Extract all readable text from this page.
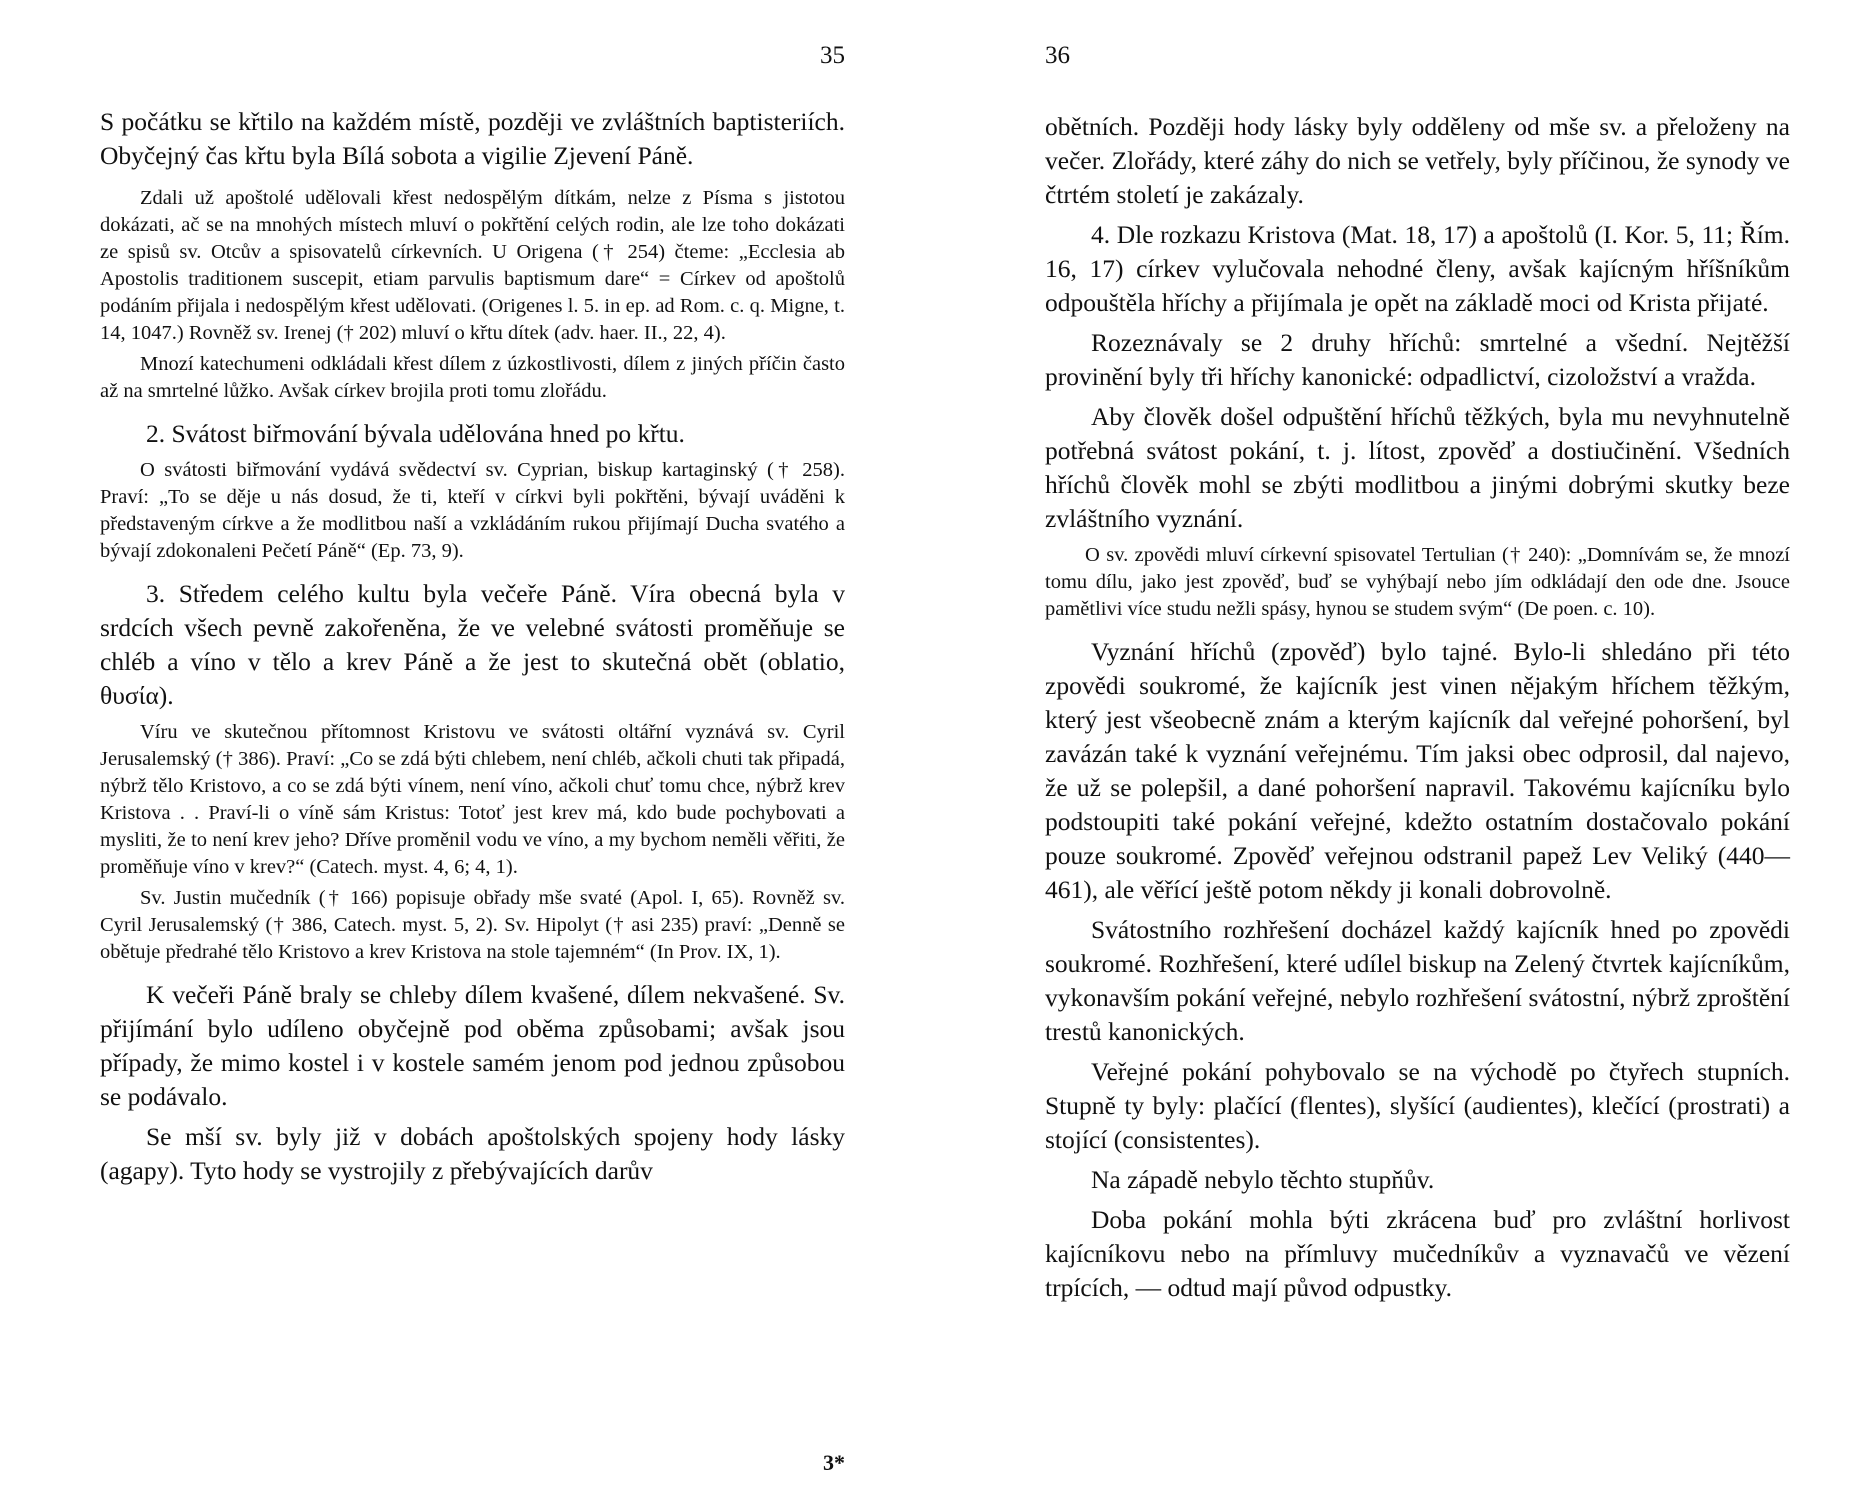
35

S počátku se křtilo na každém místě, později ve zvláštních baptisteriích. Obyčejný čas křtu byla Bílá sobota a vigilie Zjevení Páně.

Zdali už apoštolé udělovali křest nedospělým dítkám, nelze z Písma s jistotou dokázati, ač se na mnohých místech mluví o pokřtění celých rodin, ale lze toho dokázati ze spisů sv. Otcův a spisovatelů církevních. U Origena († 254) čteme: „Ecclesia ab Apostolis traditionem suscepit, etiam parvulis baptismum dare“ = Církev od apoštolů podáním přijala i nedospělým křest udělovati. (Origenes l. 5. in ep. ad Rom. c. q. Migne, t. 14, 1047.) Rovněž sv. Irenej († 202) mluví o křtu dítek (adv. haer. II., 22, 4).

Mnozí katechumeni odkládali křest dílem z úzkostlivosti, dílem z jiných příčin často až na smrtelné lůžko. Avšak církev brojila proti tomu zlořádu.

2. Svátost biřmování bývala udělována hned po křtu.

O svátosti biřmování vydává svědectví sv. Cyprian, biskup kartaginský († 258). Praví: „To se děje u nás dosud, že ti, kteří v církvi byli pokřtěni, bývají uváděni k představeným církve a že modlitbou naší a vzkládáním rukou přijímají Ducha svatého a bývají zdokonaleni Pečetí Páně“ (Ep. 73, 9).

3. Středem celého kultu byla večeře Páně. Víra obecná byla v srdcích všech pevně zakořeněna, že ve velebné svátosti proměňuje se chléb a víno v tělo a krev Páně a že jest to skutečná obět (oblatio, θυσία).

Víru ve skutečnou přítomnost Kristovu ve svátosti oltářní vyznává sv. Cyril Jerusalemský († 386). Praví: „Co se zdá býti chlebem, není chléb, ačkoli chuti tak připadá, nýbrž tělo Kristovo, a co se zdá býti vínem, není víno, ačkoli chuť tomu chce, nýbrž krev Kristova . . Praví-li o víně sám Kristus: Totoť jest krev má, kdo bude pochybovati a mysliti, že to není krev jeho? Dříve proměnil vodu ve víno, a my bychom neměli věřiti, že proměňuje víno v krev?“ (Catech. myst. 4, 6; 4, 1).

Sv. Justin mučedník († 166) popisuje obřady mše svaté (Apol. I, 65). Rovněž sv. Cyril Jerusalemský († 386, Catech. myst. 5, 2). Sv. Hipolyt († asi 235) praví: „Denně se obětuje předrahé tělo Kristovo a krev Kristova na stole tajemném“ (In Prov. IX, 1).

K večeři Páně braly se chleby dílem kvašené, dílem nekvašené. Sv. přijímání bylo udíleno obyčejně pod oběma způsobami; avšak jsou případy, že mimo kostel i v kostele samém jenom pod jednou způsobou se podávalo.

Se mší sv. byly již v dobách apoštolských spojeny hody lásky (agapy). Tyto hody se vystrojily z přebývajících darův

3*
36

obětních. Později hody lásky byly odděleny od mše sv. a přeloženy na večer. Zlořády, které záhy do nich se vetřely, byly příčinou, že synody ve čtrtém století je zakázaly.

4. Dle rozkazu Kristova (Mat. 18, 17) a apoštolů (I. Kor. 5, 11; Řím. 16, 17) církev vylučovala nehodné členy, avšak kajícným hříšníkům odpouštěla hříchy a přijímala je opět na základě moci od Krista přijaté.

Rozeznávaly se 2 druhy hříchů: smrtelné a všední. Nejtěžší provinění byly tři hříchy kanonické: odpadlictví, cizoložství a vražda.

Aby člověk došel odpuštění hříchů těžkých, byla mu nevyhnutelně potřebná svátost pokání, t. j. lítost, zpověď a dostiučinění. Všedních hříchů člověk mohl se zbýti modlitbou a jinými dobrými skutky beze zvláštního vyznání.

O sv. zpovědi mluví církevní spisovatel Tertulian († 240): „Domnívám se, že mnozí tomu dílu, jako jest zpověď, buď se vyhýbají nebo jím odkládají den ode dne. Jsouce pamětlivi více studu nežli spásy, hynou se studem svým“ (De poen. c. 10).

Vyznání hříchů (zpověď) bylo tajné. Bylo-li shledáno při této zpovědi soukromé, že kajícník jest vinen nějakým hříchem těžkým, který jest všeobecně znám a kterým kajícník dal veřejné pohoršení, byl zavázán také k vyznání veřejnému. Tím jaksi obec odprosil, dal najevo, že už se polepšil, a dané pohoršení napravil. Takovému kajícníku bylo podstoupiti také pokání veřejné, kdežto ostatním dostačovalo pokání pouze soukromé. Zpověď veřejnou odstranil papež Lev Veliký (440—461), ale věřící ještě potom někdy ji konali dobrovolně.

Svátostního rozhřešení docházel každý kajícník hned po zpovědi soukromé. Rozhřešení, které udílel biskup na Zelený čtvrtek kajícníkům, vykonavším pokání veřejné, nebylo rozhřešení svátostní, nýbrž zproštění trestů kanonických.

Veřejné pokání pohybovalo se na východě po čtyřech stupních. Stupně ty byly: plačící (flentes), slyšící (audientes), klečící (prostrati) a stojící (consistentes).

Na západě nebylo těchto stupňův.

Doba pokání mohla býti zkrácena buď pro zvláštní horlivost kajícníkovu nebo na přímluvy mučedníkův a vyznavačů ve vězení trpících, — odtud mají původ odpustky.
